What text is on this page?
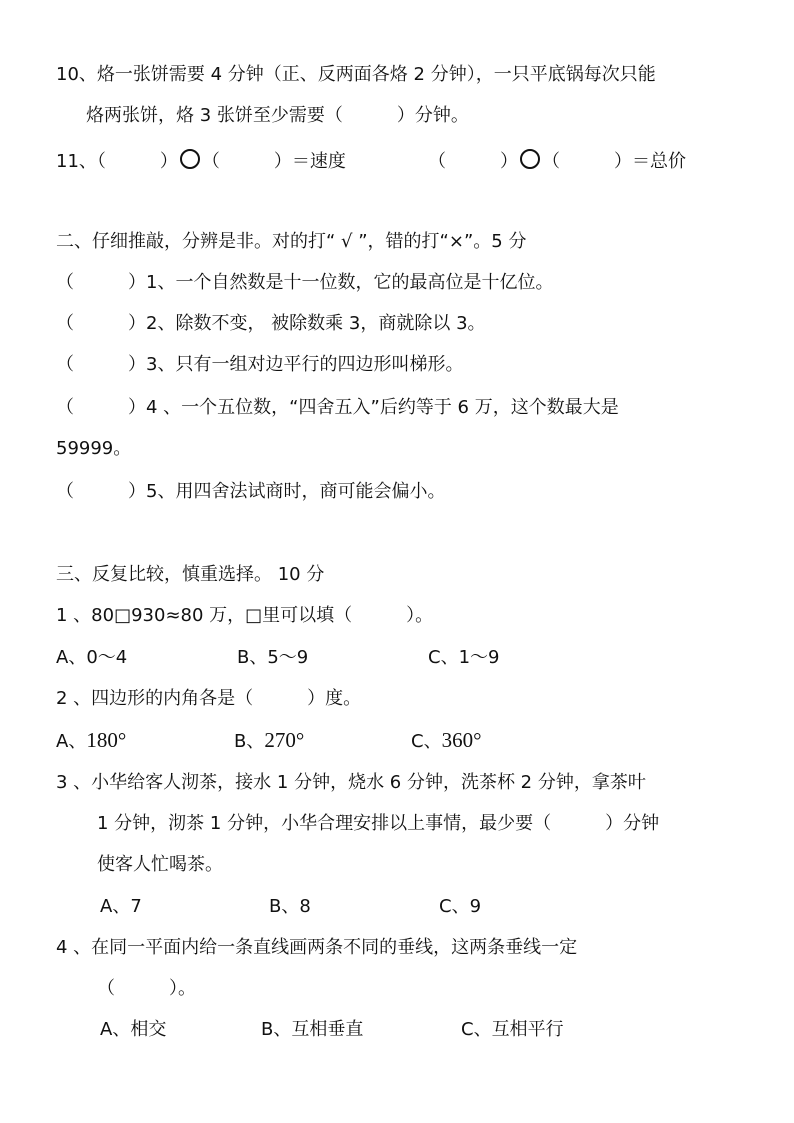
10、烙一张饼需要 4 分钟（正、反两面各烙 2 分钟），一只平底锅每次只能
烙两张饼，烙 3 张饼至少需要（　　　）分钟。
11、（　　　） （　　　）＝速度	（　　　） （　　　）＝总价
二、仔细推敲，分辨是非。对的打“ √ ”，错的打“×”。5 分
（　　　）1、一个自然数是十一位数，它的最高位是十亿位。
（　　　）2、除数不变， 被除数乘 3，商就除以 3。
（　　　）3、只有一组对边平行的四边形叫梯形。
（　　　）4 、一个五位数，“四舍五入”后约等于 6 万，这个数最大是
59999。
（　　　）5、用四舍法试商时，商可能会偏小。
三、反复比较，慎重选择。 10 分
1 、80□930≈80 万，□里可以填（　　　）。
A、0～4	B、5～9	C、1～9
2 、四边形的内角各是（　　　）度。
A、180°	B、270°	C、360°
3 、小华给客人沏茶，接水 1 分钟，烧水 6 分钟，洗茶杯 2 分钟，拿茶叶
1 分钟，沏茶 1 分钟，小华合理安排以上事情，最少要（　　　）分钟
使客人忙喝茶。
A、7	B、8	C、9
4 、在同一平面内给一条直线画两条不同的垂线，这两条垂线一定
（　　　）。
A、相交	B、互相垂直	C、互相平行
